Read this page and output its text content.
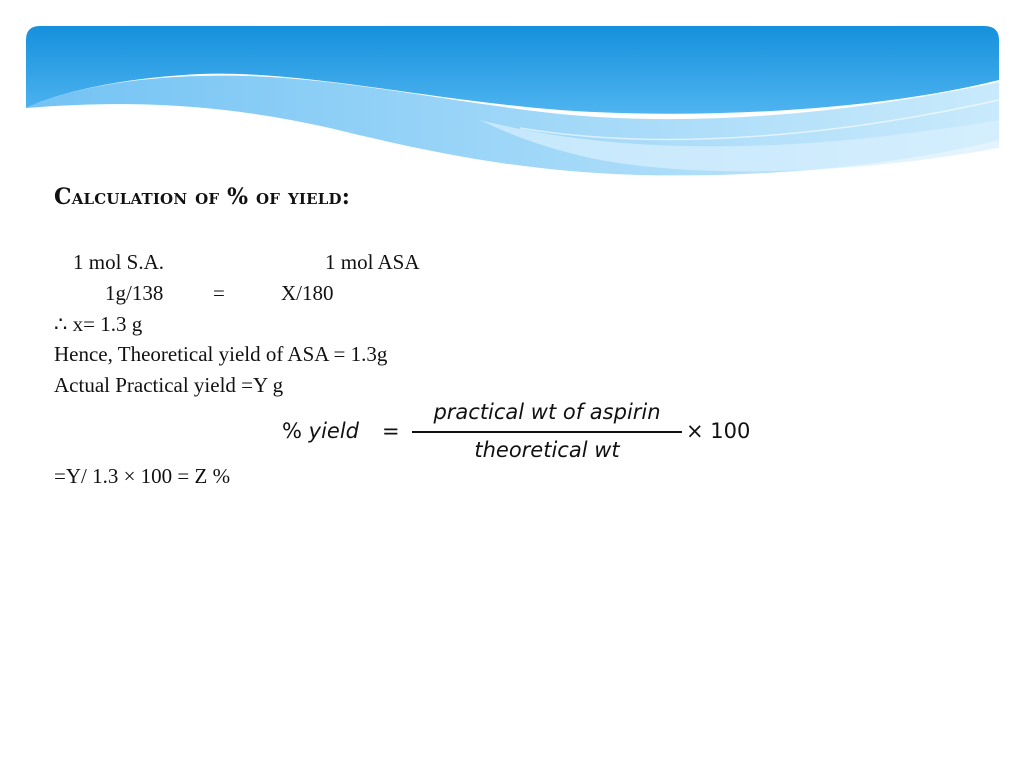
Calculation of % of yield:

1 mol S.A.	1 mol ASA

1g/138 =	X/180

∴ x= 1.3 g

Hence, Theoretical yield of ASA = 1.3g

Actual Practical yield =Y g

% yield =
practical wt of aspirin
theoretical wt
× 100

=Y/ 1.3 × 100 = Z %
